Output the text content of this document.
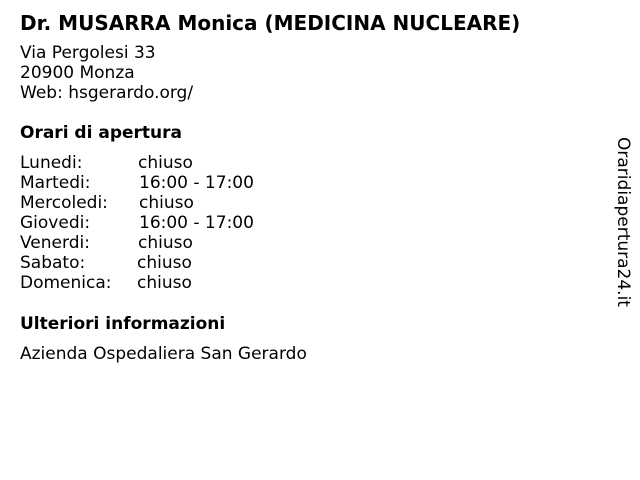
Dr. MUSARRA Monica (MEDICINA NUCLEARE)
Via Pergolesi 33
20900 Monza
Web: hsgerardo.org/
Orari di apertura
Lunedi:	chiuso
Martedi:	16:00 - 17:00
Mercoledi: chiuso
Giovedi:	16:00 - 17:00
Venerdi:	chiuso
Sabato:	chiuso
Domenica: chiuso
Ulteriori informazioni
Azienda Ospedaliera San Gerardo
Oraridiapertura24.it
